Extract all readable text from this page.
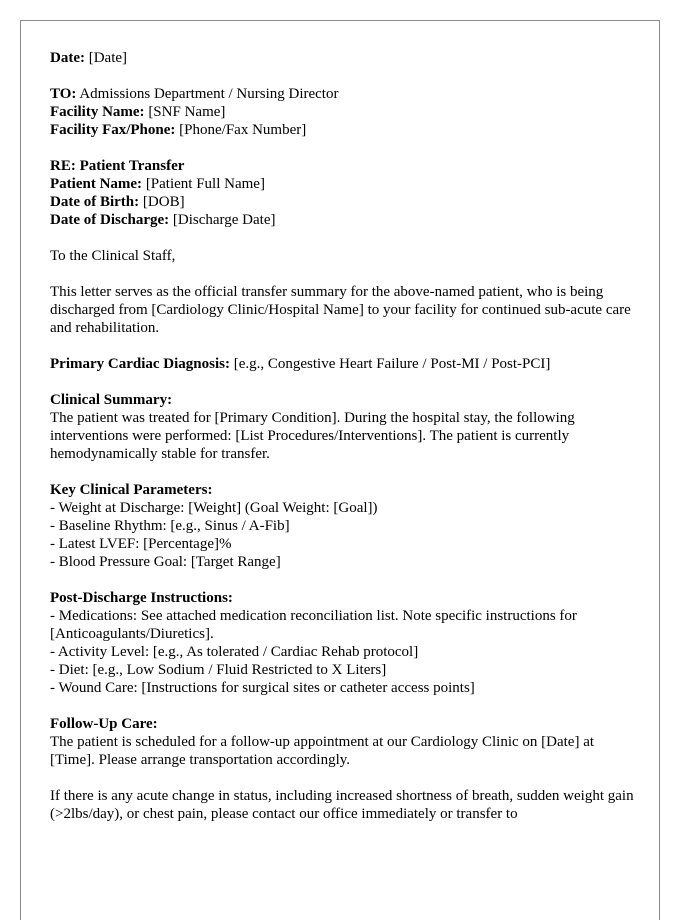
Date: [Date]
TO: Admissions Department / Nursing Director
Facility Name: [SNF Name]
Facility Fax/Phone: [Phone/Fax Number]
RE: Patient Transfer
Patient Name: [Patient Full Name]
Date of Birth: [DOB]
Date of Discharge: [Discharge Date]
To the Clinical Staff,
This letter serves as the official transfer summary for the above-named patient, who is being discharged from [Cardiology Clinic/Hospital Name] to your facility for continued sub-acute care and rehabilitation.
Primary Cardiac Diagnosis: [e.g., Congestive Heart Failure / Post-MI / Post-PCI]
Clinical Summary:
The patient was treated for [Primary Condition]. During the hospital stay, the following interventions were performed: [List Procedures/Interventions]. The patient is currently hemodynamically stable for transfer.
Key Clinical Parameters:
- Weight at Discharge: [Weight] (Goal Weight: [Goal])
- Baseline Rhythm: [e.g., Sinus / A-Fib]
- Latest LVEF: [Percentage]%
- Blood Pressure Goal: [Target Range]
Post-Discharge Instructions:
- Medications: See attached medication reconciliation list. Note specific instructions for [Anticoagulants/Diuretics].
- Activity Level: [e.g., As tolerated / Cardiac Rehab protocol]
- Diet: [e.g., Low Sodium / Fluid Restricted to X Liters]
- Wound Care: [Instructions for surgical sites or catheter access points]
Follow-Up Care:
The patient is scheduled for a follow-up appointment at our Cardiology Clinic on [Date] at [Time]. Please arrange transportation accordingly.
If there is any acute change in status, including increased shortness of breath, sudden weight gain (>2lbs/day), or chest pain, please contact our office immediately or transfer to
